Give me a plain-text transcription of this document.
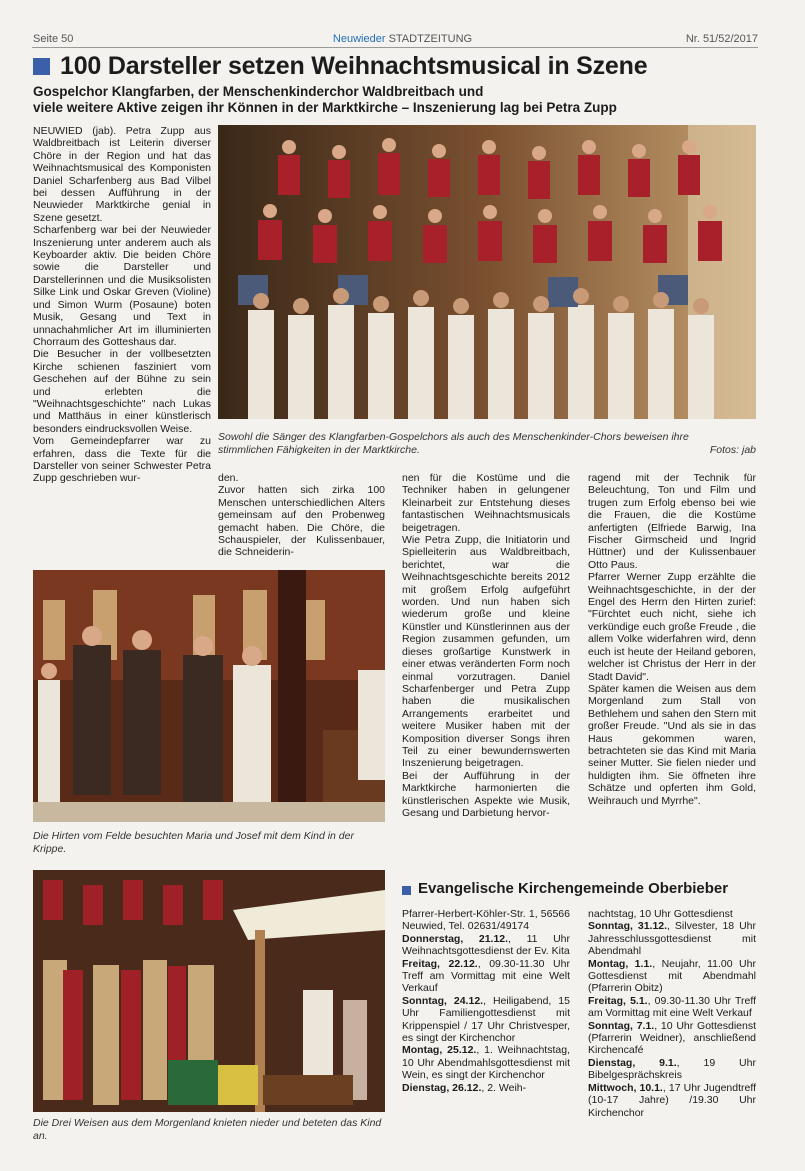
Seite 50	Neuwieder STADTZEITUNG	Nr. 51/52/2017
100 Darsteller setzen Weihnachtsmusical in Szene
Gospelchor Klangfarben, der Menschenkinderchor Waldbreitbach und
viele weitere Aktive zeigen ihr Können in der Marktkirche – Inszenierung lag bei Petra Zupp

NEUWIED (jab). Petra Zupp aus Waldbreitbach ist Leiterin diverser Chöre in der Region und hat das Weihnachtsmusical des Komponisten Daniel Scharfenberg aus Bad Vilbel bei dessen Aufführung in der Neuwieder Marktkirche genial in Szene gesetzt.

Scharfenberg war bei der Neuwieder Inszenierung unter anderem auch als Keyboarder aktiv. Die beiden Chöre sowie die Darsteller und Darstellerinnen und die Musiksolisten Silke Link und Oskar Greven (Violine) und Simon Wurm (Posaune) boten Musik, Gesang und Text in unnachahmlicher Art im illuminierten Chorraum des Gotteshaus dar.

Die Besucher in der vollbesetzten Kirche schienen fasziniert vom Geschehen auf der Bühne zu sein und erlebten die "Weihnachtsgeschichte" nach Lukas und Matthäus in einer künstlerisch besonders eindrucksvollen Weise.

Vom Gemeindepfarrer war zu erfahren, dass die Texte für die Darsteller von seiner Schwester Petra Zupp geschrieben wur-

Sowohl die Sänger des Klangfarben-Gospelchors als auch des Menschenkinder-Chors beweisen ihre
stimmlichen Fähigkeiten in der Marktkirche.	Fotos: jab

den.

Zuvor hatten sich zirka 100 Menschen unterschiedlichen Alters gemeinsam auf den Probenweg gemacht haben. Die Chöre, die Schauspieler, der Kulissenbauer, die Schneiderin-

Die Hirten vom Felde besuchten Maria und Josef mit dem Kind in der Krippe.

nen für die Kostüme und die Techniker haben in gelungener Kleinarbeit zur Entstehung dieses fantastischen Weihnachtsmusicals beigetragen.

Wie Petra Zupp, die Initiatorin und Spielleiterin aus Waldbreitbach, berichtet, war die Weihnachtsgeschichte bereits 2012 mit großem Erfolg aufgeführt worden. Und nun haben sich wiederum große und kleine Künstler und Künstlerinnen aus der Region zusammen gefunden, um dieses großartige Kunstwerk in einer etwas veränderten Form noch einmal vorzutragen. Daniel Scharfenberger und Petra Zupp haben die musikalischen Arrangements erarbeitet und weitere Musiker haben mit der Komposition diverser Songs ihren Teil zu einer bewundernswerten Inszenierung beigetragen.

Bei der Aufführung in der Marktkirche harmonierten die künstlerischen Aspekte wie Musik, Gesang und Darbietung hervor-

ragend mit der Technik für Beleuchtung, Ton und Film und trugen zum Erfolg ebenso bei wie die Frauen, die die Kostüme anfertigten (Elfriede Barwig, Ina Fischer Girmscheid und Ingrid Hüttner) und der Kulissenbauer Otto Paus.

Pfarrer Werner Zupp erzählte die Weihnachtsgeschichte, in der der Engel des Herrn den Hirten zurief: "Fürchtet euch nicht, siehe ich verkündige euch große Freude , die allem Volke widerfahren wird, denn euch ist heute der Heiland geboren, welcher ist Christus der Herr in der Stadt David".

Später kamen die Weisen aus dem Morgenland zum Stall von Bethlehem und sahen den Stern mit großer Freude. "Und als sie in das Haus gekommen waren, betrachteten sie das Kind mit Maria seiner Mutter. Sie fielen nieder und huldigten ihm. Sie öffneten ihre Schätze und opferten ihm Gold, Weihrauch und Myrrhe".

Die Drei Weisen aus dem Morgenland knieten nieder und beteten das Kind an.
Evangelische Kirchengemeinde Oberbieber

Pfarrer-Herbert-Köhler-Str. 1, 56566 Neuwied, Tel. 02631/49174

Donnerstag, 21.12., 11 Uhr Weihnachtsgottesdienst der Ev. Kita

Freitag, 22.12., 09.30-11.30 Uhr Treff am Vormittag mit eine Welt Verkauf

Sonntag, 24.12., Heiligabend, 15 Uhr Familiengottesdienst mit Krippenspiel / 17 Uhr Christvesper, es singt der Kirchenchor

Montag, 25.12., 1. Weihnachtstag, 10 Uhr Abendmahlsgottesdienst mit Wein, es singt der Kirchenchor

Dienstag, 26.12., 2. Weih-

nachtstag, 10 Uhr Gottesdienst

Sonntag, 31.12., Silvester, 18 Uhr Jahresschlussgottesdienst mit Abendmahl

Montag, 1.1., Neujahr, 11.00 Uhr Gottesdienst mit Abendmahl (Pfarrerin Obitz)

Freitag, 5.1., 09.30-11.30 Uhr Treff am Vormittag mit eine Welt Verkauf

Sonntag, 7.1., 10 Uhr Gottesdienst (Pfarrerin Weidner), anschließend Kirchencafé

Dienstag, 9.1., 19 Uhr Bibelgesprächskreis

Mittwoch, 10.1., 17 Uhr Jugendtreff (10-17 Jahre) /19.30 Uhr Kirchenchor
